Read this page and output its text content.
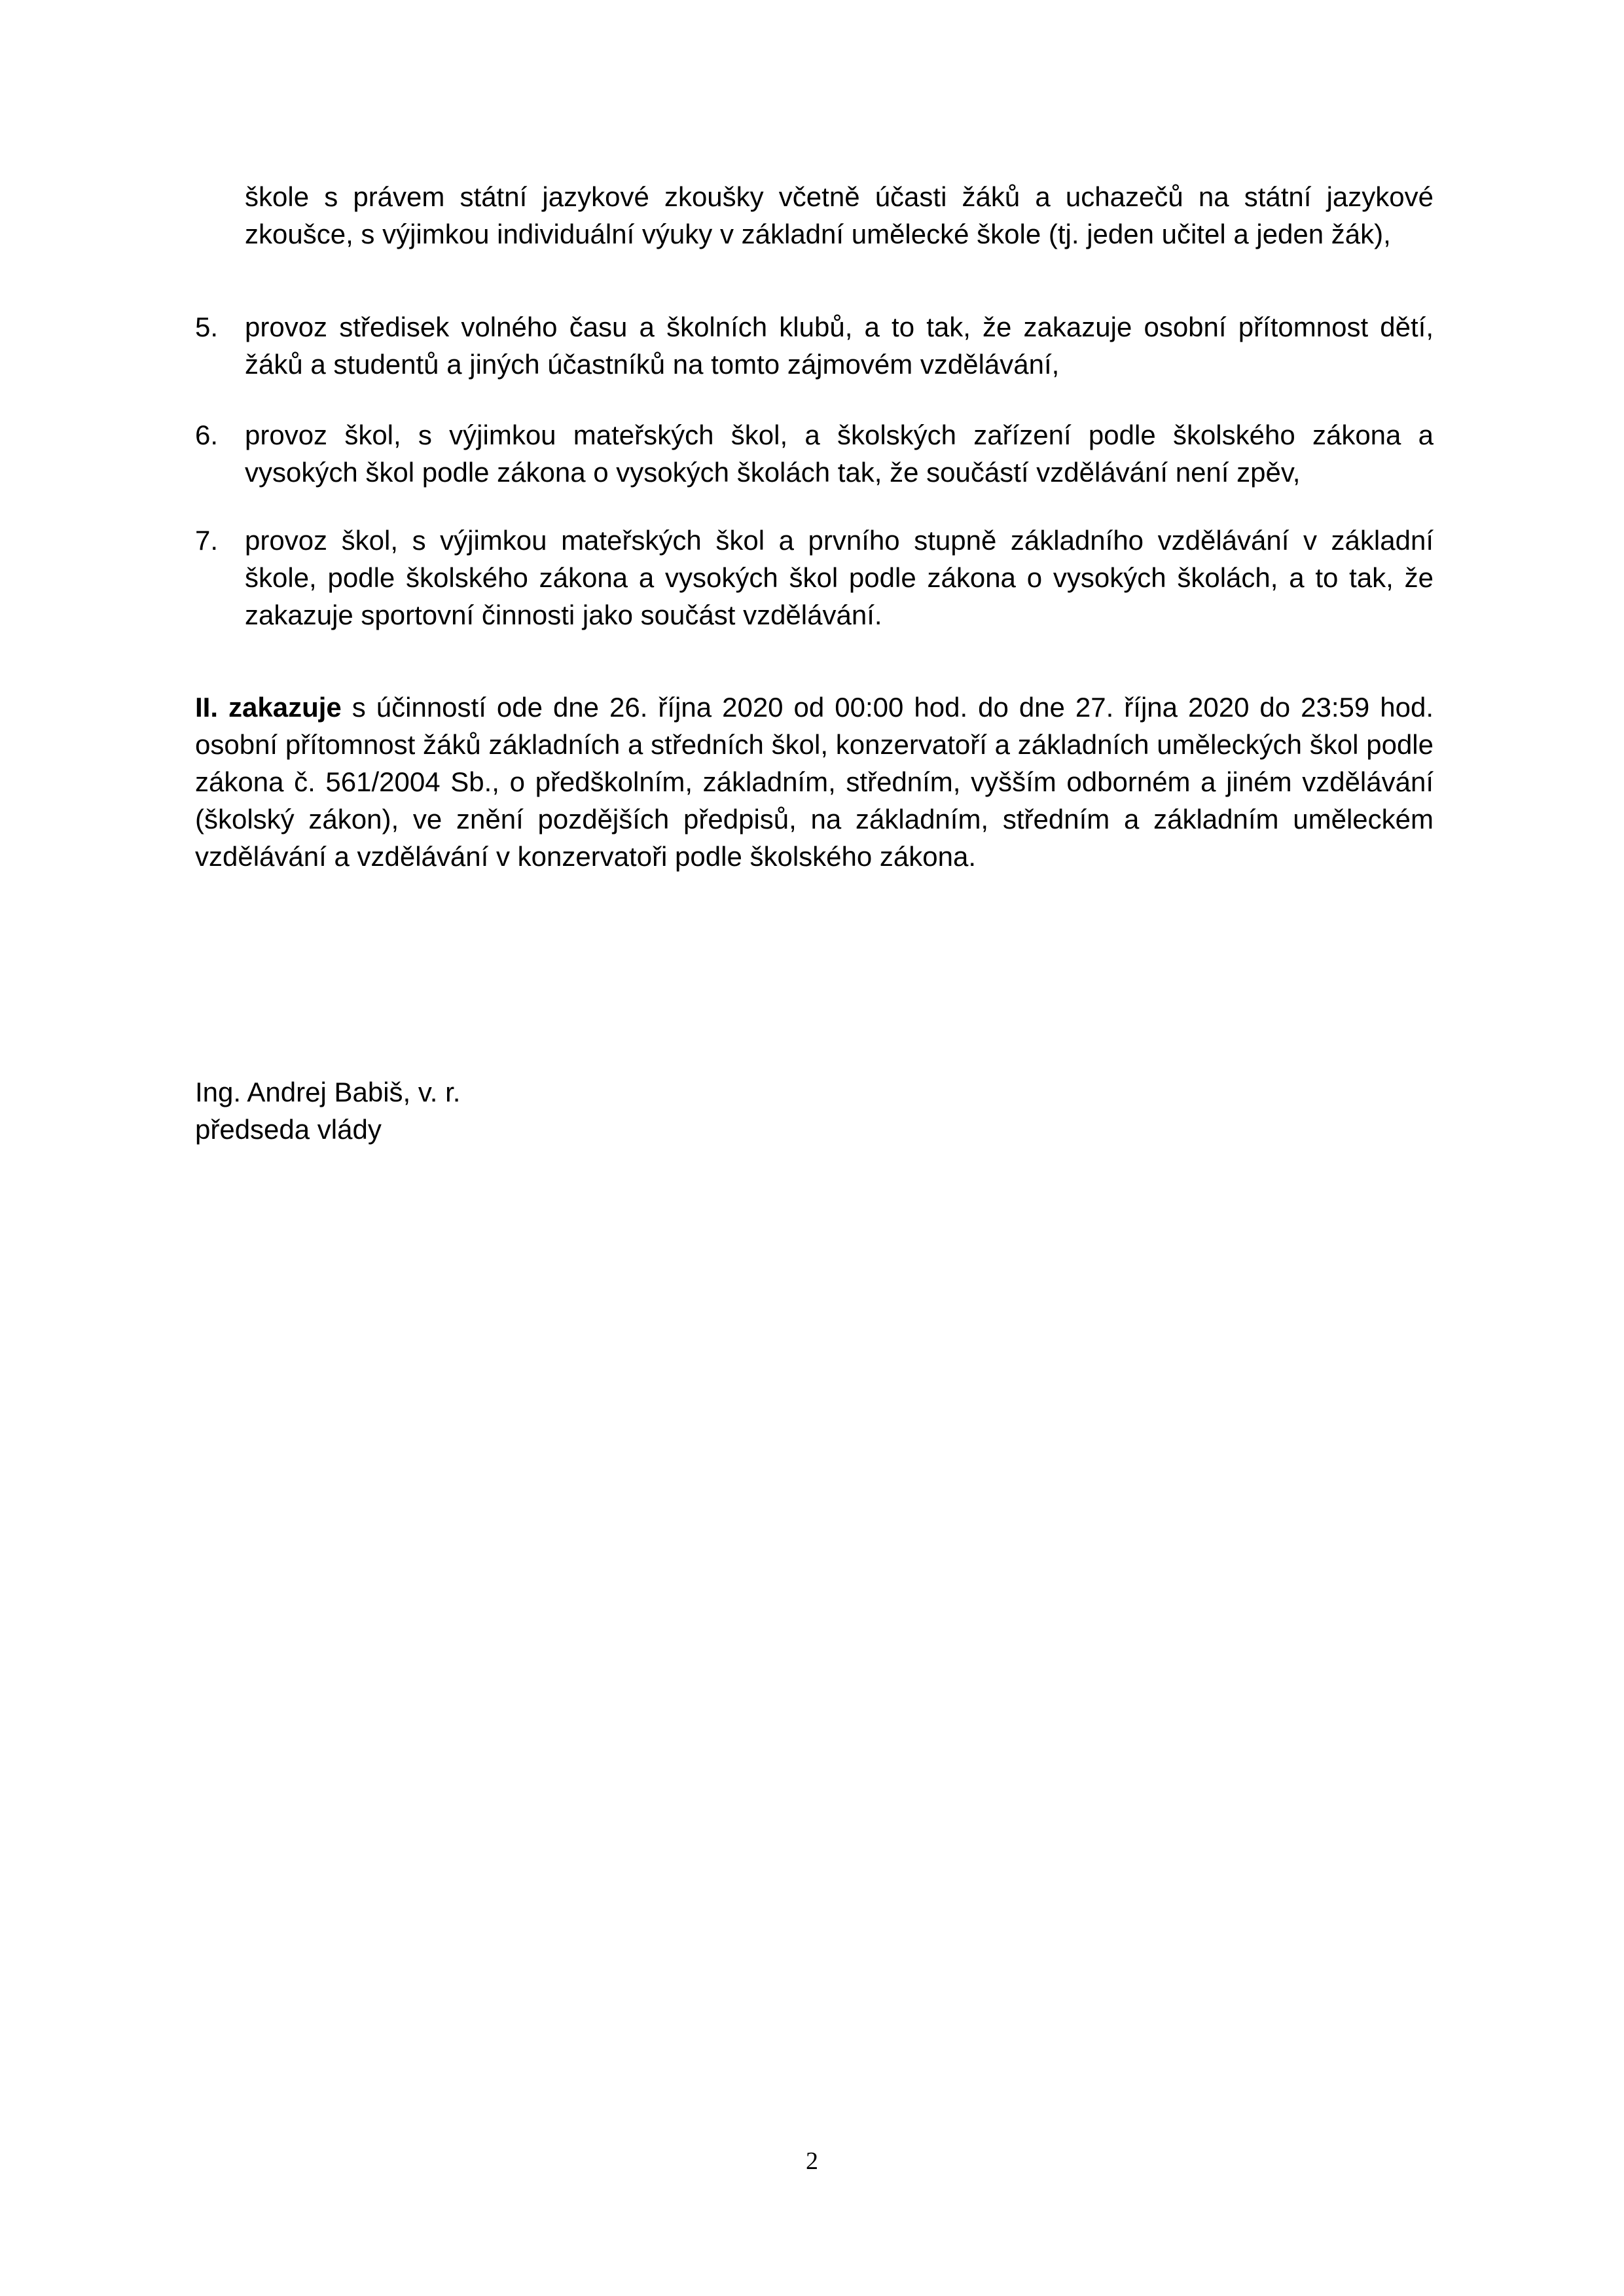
škole s právem státní jazykové zkoušky včetně účasti žáků a uchazečů na státní jazykové zkoušce, s výjimkou individuální výuky v základní umělecké škole (tj. jeden učitel a jeden žák),

5. provoz středisek volného času a školních klubů, a to tak, že zakazuje osobní přítomnost dětí, žáků a studentů a jiných účastníků na tomto zájmovém vzdělávání,

6. provoz škol, s výjimkou mateřských škol, a školských zařízení podle školského zákona a vysokých škol podle zákona o vysokých školách tak, že součástí vzdělávání není zpěv,

7. provoz škol, s výjimkou mateřských škol a prvního stupně základního vzdělávání v základní škole, podle školského zákona a vysokých škol podle zákona o vysokých školách, a to tak, že zakazuje sportovní činnosti jako součást vzdělávání.

II. zakazuje s účinností ode dne 26. října 2020 od 00:00 hod. do dne 27. října 2020 do 23:59 hod. osobní přítomnost žáků základních a středních škol, konzervatoří a základních uměleckých škol podle zákona č. 561/2004 Sb., o předškolním, základním, středním, vyšším odborném a jiném vzdělávání (školský zákon), ve znění pozdějších předpisů, na základním, středním a základním uměleckém vzdělávání a vzdělávání v konzervatoři podle školského zákona.

Ing. Andrej Babiš, v. r.
předseda vlády
2
